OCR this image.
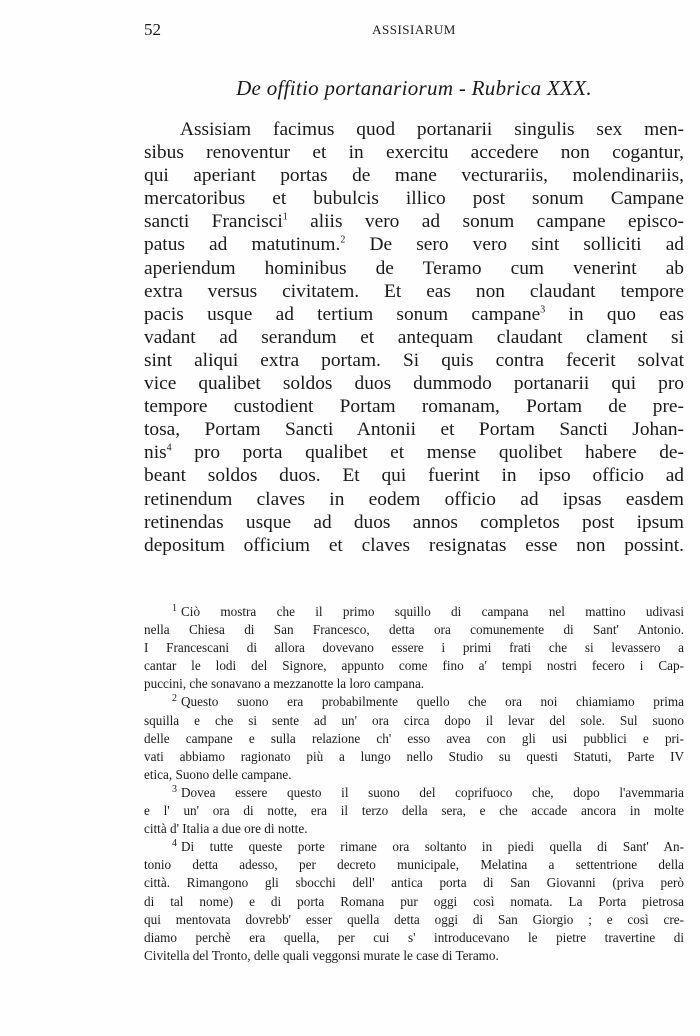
52	ASSISIARUM
De offitio portanariorum - Rubrica XXX.
Assisiam facimus quod portanarii singulis sex men-
sibus renoventur et in exercitu accedere non cogantur,
qui aperiant portas de mane vecturariis, molendinariis,
mercatoribus et bubulcis illico post sonum Campane
sancti Francisci$^1$ aliis vero ad sonum campane episco-
patus ad matutinum.$^2$ De sero vero sint solliciti ad
aperiendum hominibus de Teramo cum venerint ab
extra versus civitatem. Et eas non claudant tempore
pacis usque ad tertium sonum campane$^3$ in quo eas
vadant ad serandum et antequam claudant clament si
sint aliqui extra portam. Si quis contra fecerit solvat
vice qualibet soldos duos dummodo portanarii qui pro
tempore custodient Portam romanam, Portam de pre-
tosa, Portam Sancti Antonii et Portam Sancti Johan-
nis$^4$ pro porta qualibet et mense quolibet habere de-
beant soldos duos. Et qui fuerint in ipso officio ad
retinendum claves in eodem officio ad ipsas easdem
retinendas usque ad duos annos completos post ipsum
depositum officium et claves resignatas esse non possint.
$^1$ Ciò mostra che il primo squillo di campana nel mattino udivasi
nella Chiesa di San Francesco, detta ora comunemente di Sant' Antonio.
I Francescani di allora dovevano essere i primi frati che si levassero a
cantar le lodi del Signore, appunto come fino a' tempi nostri fecero i Cap-
puccini, che sonavano a mezzanotte la loro campana.
$^2$ Questo suono era probabilmente quello che ora noi chiamiamo prima
squilla e che si sente ad un' ora circa dopo il levar del sole. Sul suono
delle campane e sulla relazione ch' esso avea con gli usi pubblici e pri-
vati abbiamo ragionato più a lungo nello Studio su questi Statuti, Parte IV
etica, Suono delle campane.
$^3$ Dovea essere questo il suono del coprifuoco che, dopo l'avemmaria
e l' un' ora di notte, era il terzo della sera, e che accade ancora in molte
città d' Italia a due ore di notte.
$^4$ Di tutte queste porte rimane ora soltanto in piedi quella di Sant' An-
tonio detta adesso, per decreto municipale, Melatina a settentrione della
città. Rimangono gli sbocchi dell' antica porta di San Giovanni (priva però
di tal nome) e di porta Romana pur oggi così nomata. La Porta pietrosa
qui mentovata dovrebb' esser quella detta oggi di San Giorgio ; e così cre-
diamo perchè era quella, per cui s' introducevano le pietre travertine di
Civitella del Tronto, delle quali veggonsi murate le case di Teramo.
